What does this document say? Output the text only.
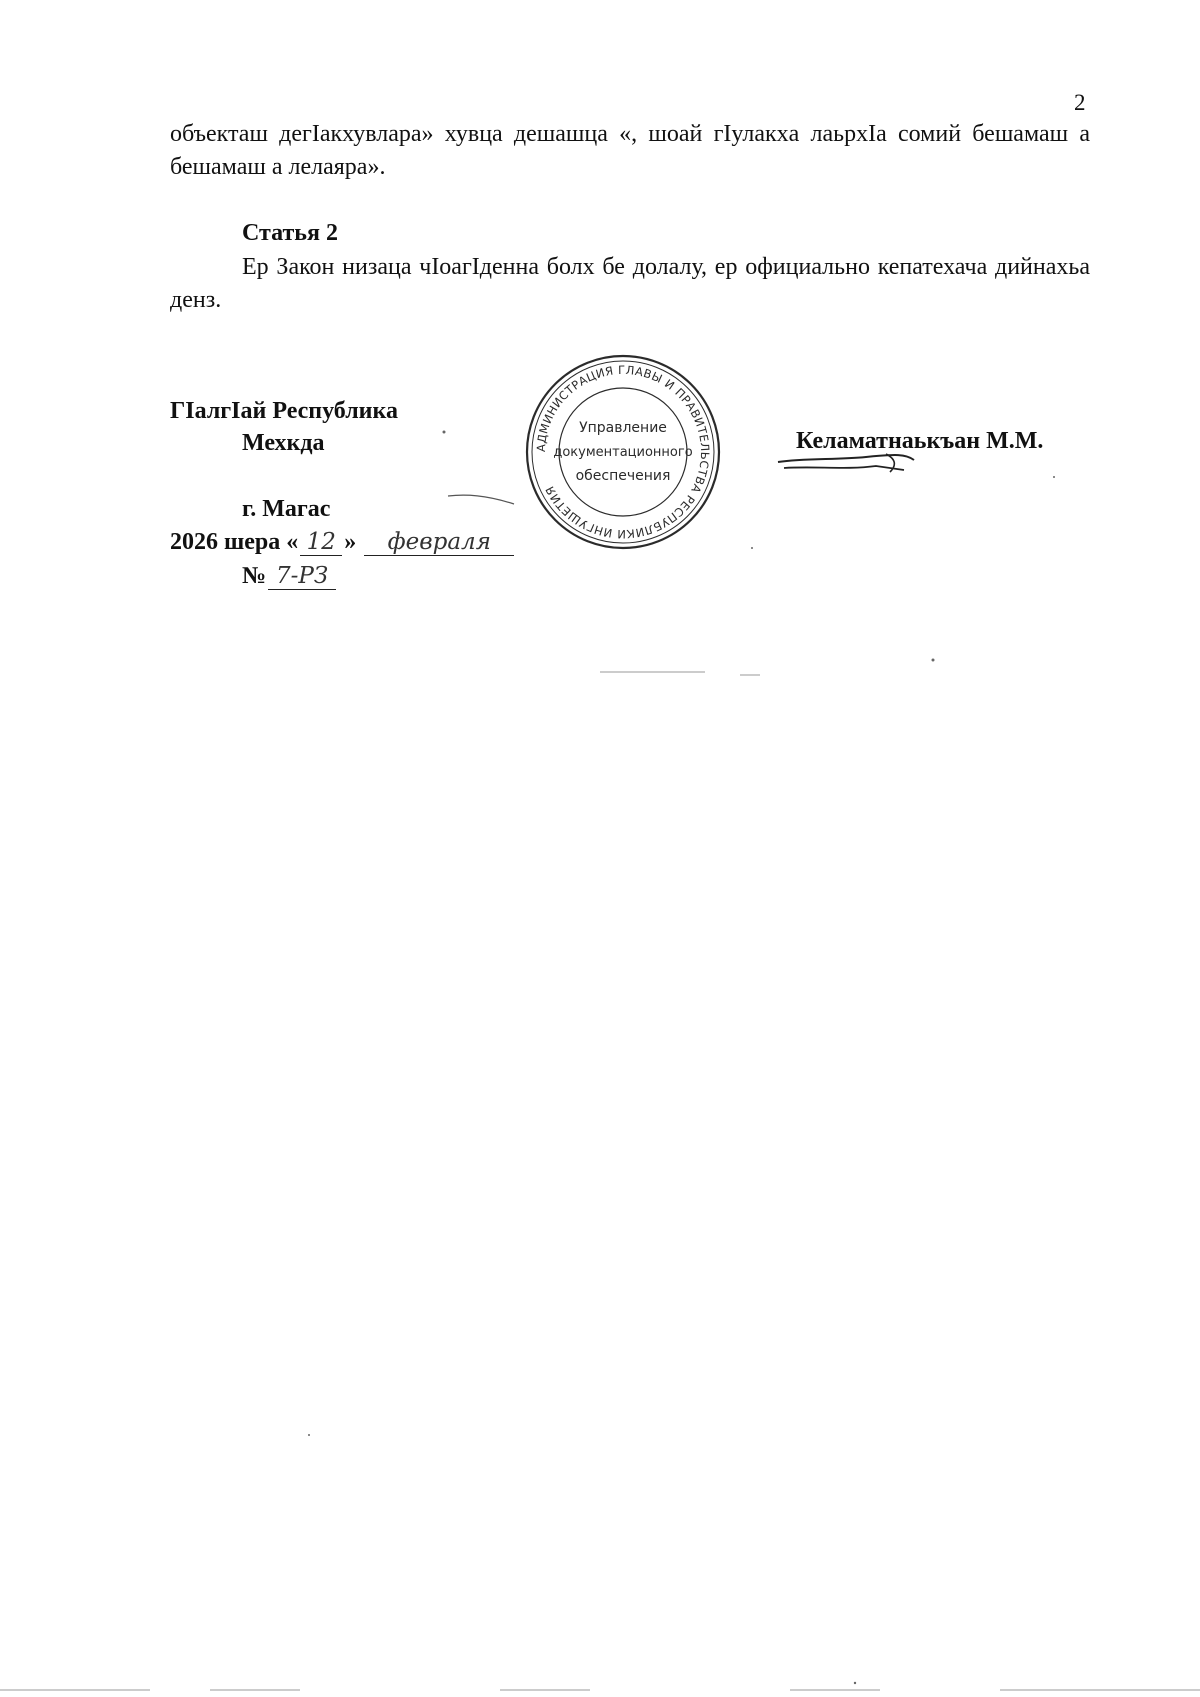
2

объекташ дегІакхувлара» хувца дешашца «, шоай гІулакхa лаьрхІа сомий бешамаш а бешамаш а лелаяра».

Статья 2

Ер Закон низаца чІоагІденна болх бе долалу, ер официально кепатехача дийнахьа денз.

ГІалгІай Республика
Мехкда	Келаматнаькъан М.М.
г. Магас
2026 шера « 12 » февраля
№ 7-РЗ
АДМИНИСТРАЦИЯ ГЛАВЫ И ПРАВИТЕЛЬСТВА РЕСПУБЛИКИ ИНГУШЕТИЯ
Управление
документационного
обеспечения
